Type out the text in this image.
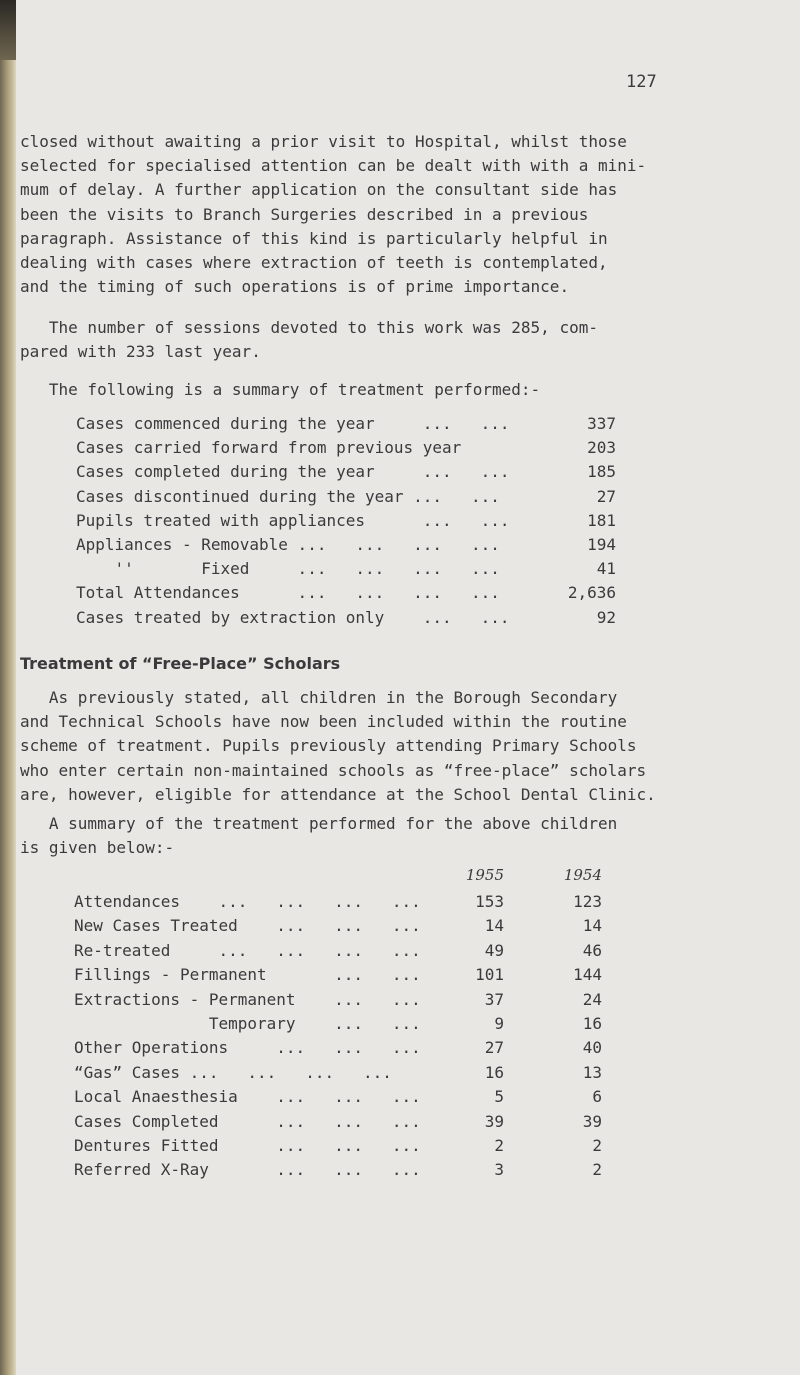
127

closed without awaiting a prior visit to Hospital, whilst those
selected for specialised attention can be dealt with with a mini-
mum of delay. A further application on the consultant side has
been the visits to Branch Surgeries described in a previous
paragraph. Assistance of this kind is particularly helpful in
dealing with cases where extraction of teeth is contemplated,
and the timing of such operations is of prime importance.

The number of sessions devoted to this work was 285, com-
pared with 233 last year.

The following is a summary of treatment performed:-

Cases commenced during the year     ...   ...	337
Cases carried forward from previous year	203
Cases completed during the year     ...   ...	185
Cases discontinued during the year ...   ...	27
Pupils treated with appliances      ...   ...	181
Appliances - Removable ...   ...   ...   ...	194
''       Fixed     ...   ...   ...   ...	41
Total Attendances      ...   ...   ...   ...	2,636
Cases treated by extraction only    ...   ...	92
Treatment of “Free-Place” Scholars

As previously stated, all children in the Borough Secondary
and Technical Schools have now been included within the routine
scheme of treatment. Pupils previously attending Primary Schools
who enter certain non-maintained schools as “free-place” scholars
are, however, eligible for attendance at the School Dental Clinic.

A summary of the treatment performed for the above children
is given below:-

1955	1954
Attendances    ...   ...   ...   ...	153	123
New Cases Treated    ...   ...   ...	14	14
Re-treated     ...   ...   ...   ...	49	46
Fillings - Permanent       ...   ...	101	144
Extractions - Permanent    ...   ...	37	24
Temporary    ...   ...	9	16
Other Operations     ...   ...   ...	27	40
“Gas” Cases ...   ...   ...   ...	16	13
Local Anaesthesia    ...   ...   ...	5	6
Cases Completed      ...   ...   ...	39	39
Dentures Fitted      ...   ...   ...	2	2
Referred X-Ray       ...   ...   ...	3	2
